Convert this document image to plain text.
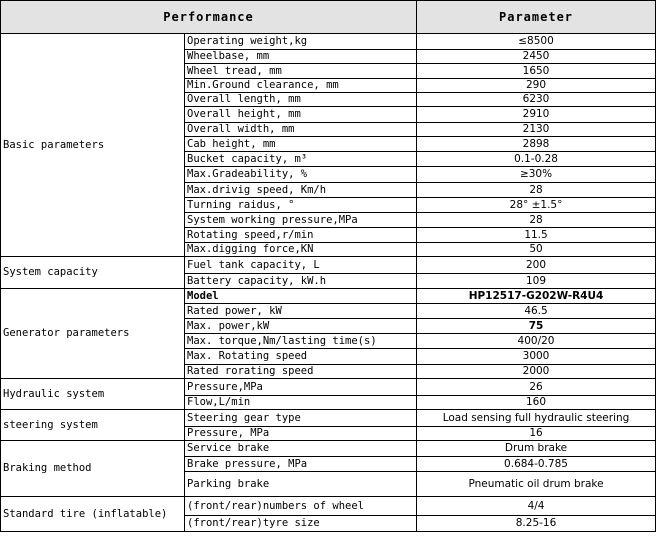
Performance		Parameter
Basic parameters	Operating weight,kg	≤8500
	Wheelbase, mm	2450
	Wheel tread, mm	1650
	Min.Ground clearance, mm	290
	Overall length, mm	6230
	Overall height, mm	2910
	Overall width, mm	2130
	Cab height, mm	2898
	Bucket capacity, m³	0.1-0.28
	Max.Gradeability, %	≥30%
	Max.drivig speed, Km/h	28
	Turning raidus, °	28° ±1.5°
	System working pressure,MPa	28
	Rotating speed,r/min	11.5
	Max.digging force,KN	50
System capacity	Fuel tank capacity, L	200
	Battery capacity, kW.h	109
Generator parameters	Model	HP12517-G202W-R4U4
	Rated power, kW	46.5
	Max. power,kW	75
	Max. torque,Nm/lasting time(s)	400/20
	Max. Rotating speed	3000
	Rated rorating speed	2000
Hydraulic system	Pressure,MPa	26
	Flow,L/min	160
steering system	Steering gear type	Load sensing full hydraulic steering
	Pressure, MPa	16
Braking method	Service brake	Drum brake
	Brake pressure, MPa	0.684-0.785
	Parking brake	Pneumatic oil drum brake
Standard tire (inflatable)	(front/rear)numbers of wheel	4/4
	(front/rear)tyre size	8.25-16
